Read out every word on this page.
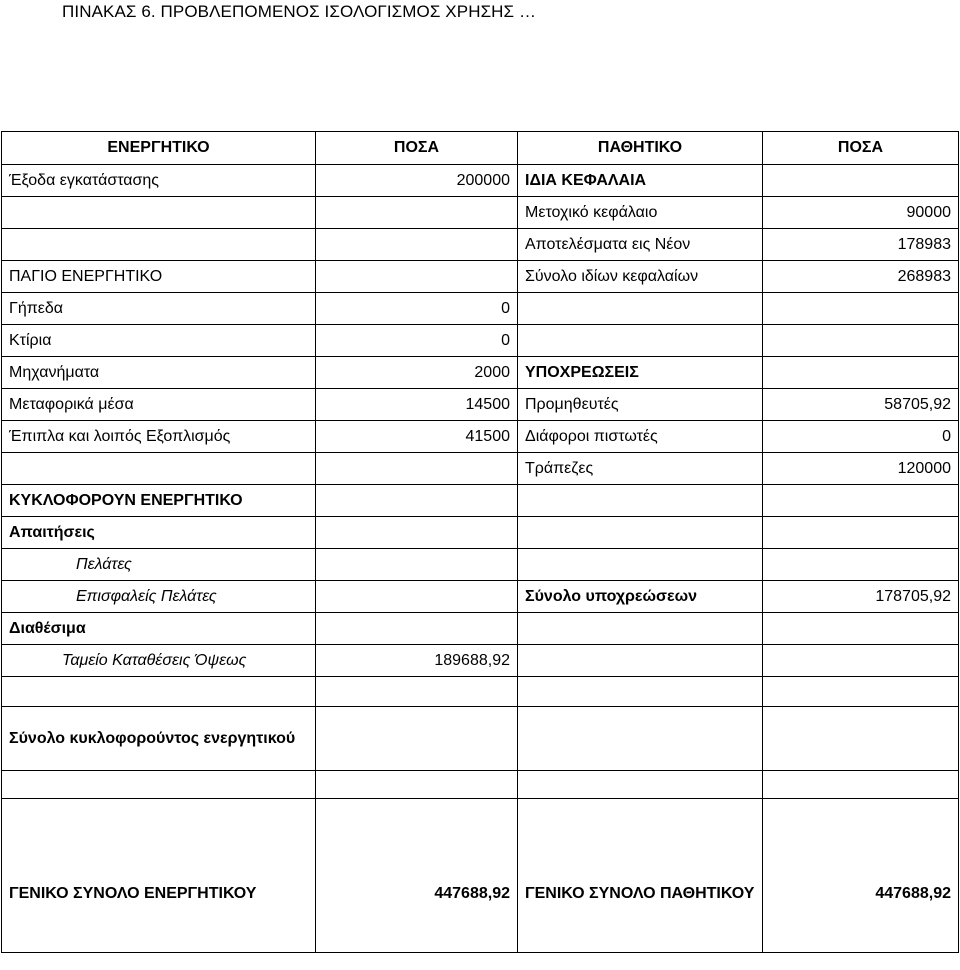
ΠΙΝΑΚΑΣ 6. ΠΡΟΒΛΕΠΟΜΕΝΟΣ ΙΣΟΛΟΓΙΣΜΟΣ ΧΡΗΣΗΣ …
ΕΝΕΡΓΗΤΙΚΟ	ΠΟΣΑ	ΠΑΘΗΤΙΚΟ	ΠΟΣΑ
Έξοδα εγκατάστασης	200000	ΙΔΙΑ ΚΕΦΑΛΑΙΑ	
		Μετοχικό κεφάλαιο	90000
		Αποτελέσματα εις Νέον	178983
ΠΑΓΙΟ ΕΝΕΡΓΗΤΙΚΟ		Σύνολο ιδίων κεφαλαίων	268983
Γήπεδα	0		
Κτίρια	0		
Μηχανήματα	2000	ΥΠΟΧΡΕΩΣΕΙΣ	
Μεταφορικά μέσα	14500	Προμηθευτές	58705,92
Έπιπλα και λοιπός Εξοπλισμός	41500	Διάφοροι πιστωτές	0
		Τράπεζες	120000
ΚΥΚΛΟΦΟΡΟΥΝ ΕΝΕΡΓΗΤΙΚΟ			
Απαιτήσεις			
Πελάτες			
Επισφαλείς Πελάτες		Σύνολο υποχρεώσεων	178705,92
Διαθέσιμα			
Ταμείο Καταθέσεις Όψεως	189688,92		

Σύνολο κυκλοφορούντος ενεργητικού			

ΓΕΝΙΚΟ ΣΥΝΟΛΟ ΕΝΕΡΓΗΤΙΚΟΥ	447688,92	ΓΕΝΙΚΟ ΣΥΝΟΛΟ ΠΑΘΗΤΙΚΟΥ	447688,92
